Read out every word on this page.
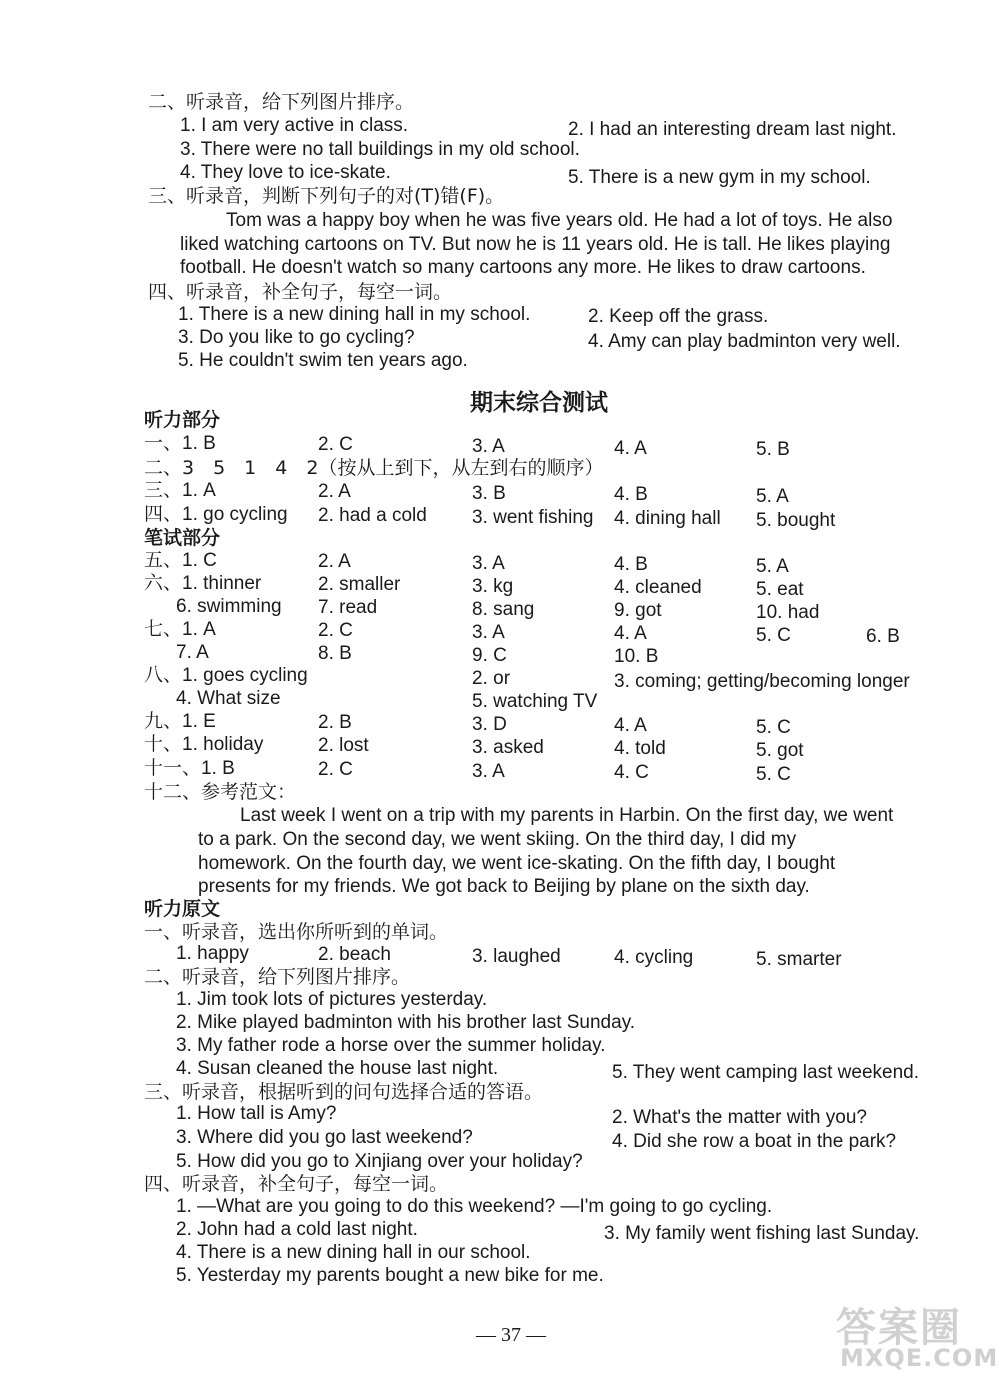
二、听录音，给下列图片排序。
1. I am very active in class.	2. I had an interesting dream last night.
3. There were no tall buildings in my old school.
4. They love to ice-skate.	5. There is a new gym in my school.
三、听录音，判断下列句子的对(T)错(F)。
Tom was a happy boy when he was five years old. He had a lot of toys. He also
liked watching cartoons on TV. But now he is 11 years old. He is tall. He likes playing
football. He doesn't watch so many cartoons any more. He likes to draw cartoons.
四、听录音，补全句子，每空一词。
1. There is a new dining hall in my school.	2. Keep off the grass.
3. Do you like to go cycling?	4. Amy can play badminton very well.
5. He couldn't swim ten years ago.
期末综合测试
听力部分
一、1. B	2. C	3. A	4. A	5. B
二、3　5　1　4　2（按从上到下，从左到右的顺序）
三、1. A	2. A	3. B	4. B	5. A
四、1. go cycling 2. had a cold 3. went fishing 4. dining hall 5. bought
笔试部分
五、1. C	2. A	3. A	4. B	5. A
六、1. thinner	2. smaller	3. kg	4. cleaned	5. eat
6. swimming 7. read	8. sang	9. got	10. had
七、1. A	2. C	3. A	4. A	5. C	6. B
7. A	8. B	9. C	10. B
八、1. goes cycling	2. or	3. coming; getting/becoming longer
4. What size	5. watching TV
九、1. E	2. B	3. D	4. A	5. C
十、1. holiday	2. lost	3. asked	4. told	5. got
十一、1. B	2. C	3. A	4. C	5. C
十二、参考范文：
Last week I went on a trip with my parents in Harbin. On the first day, we went
to a park. On the second day, we went skiing. On the third day, I did my
homework. On the fourth day, we went ice-skating. On the fifth day, I bought
presents for my friends. We got back to Beijing by plane on the sixth day.
听力原文
一、听录音，选出你所听到的单词。
1. happy	2. beach	3. laughed	4. cycling	5. smarter
二、听录音，给下列图片排序。
1. Jim took lots of pictures yesterday.
2. Mike played badminton with his brother last Sunday.
3. My father rode a horse over the summer holiday.
4. Susan cleaned the house last night.	5. They went camping last weekend.
三、听录音，根据听到的问句选择合适的答语。
1. How tall is Amy?	2. What's the matter with you?
3. Where did you go last weekend?	4. Did she row a boat in the park?
5. How did you go to Xinjiang over your holiday?
四、听录音，补全句子，每空一词。
1. —What are you going to do this weekend? —I'm going to go cycling.
2. John had a cold last night.	3. My family went fishing last Sunday.
4. There is a new dining hall in our school.
5. Yesterday my parents bought a new bike for me.
— 37 —	答案圈
MXQE.COM
